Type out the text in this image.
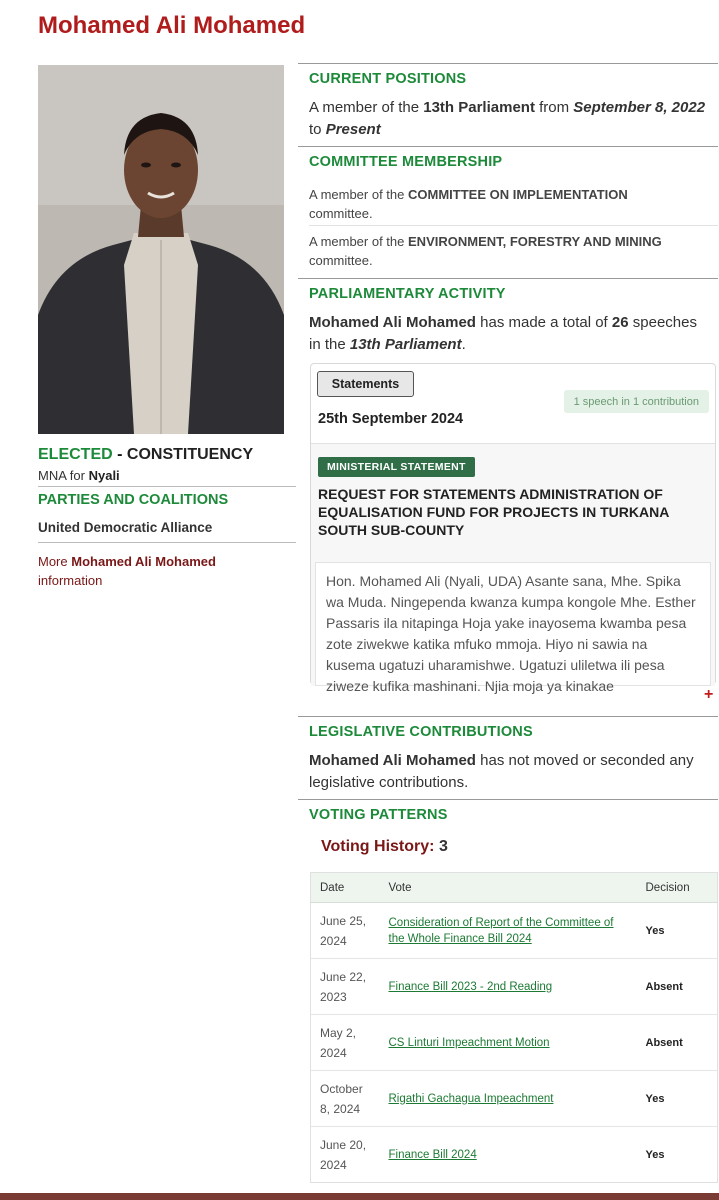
Mohamed Ali Mohamed
ELECTED - CONSTITUENCY
MNA for Nyali
PARTIES AND COALITIONS
United Democratic Alliance
More Mohamed Ali Mohamed
information
CURRENT POSITIONS
A member of the 13th Parliament from September 8, 2022 to Present
COMMITTEE MEMBERSHIP
A member of the COMMITTEE ON IMPLEMENTATION
committee.
A member of the ENVIRONMENT, FORESTRY AND MINING
committee.
PARLIAMENTARY ACTIVITY
Mohamed Ali Mohamed has made a total of 26 speeches in the 13th Parliament.
Statements
1 speech in 1 contribution
25th September 2024
MINISTERIAL STATEMENT
REQUEST FOR STATEMENTS ADMINISTRATION OF EQUALISATION FUND FOR PROJECTS IN TURKANA SOUTH SUB-COUNTY
Hon. Mohamed Ali (Nyali, UDA) Asante sana, Mhe. Spika wa Muda. Ningependa kwanza kumpa kongole Mhe. Esther Passaris ila nitapinga Hoja yake inayosema kwamba pesa zote ziwekwe katika mfuko mmoja. Hiyo ni sawia na kusema ugatuzi uharamishwe. Ugatuzi uliletwa ili pesa ziweze kufika mashinani. Njia moja ya kinakae	+
LEGISLATIVE CONTRIBUTIONS
Mohamed Ali Mohamed has not moved or seconded any legislative contributions.
VOTING PATTERNS
Voting History: 3
Date	Vote	Decision
June 25, 2024	Consideration of Report of the Committee of the Whole Finance Bill 2024	Yes
June 22, 2023	Finance Bill 2023 - 2nd Reading	Absent
May 2, 2024	CS Linturi Impeachment Motion	Absent
October 8, 2024	Rigathi Gachagua Impeachment	Yes
June 20, 2024	Finance Bill 2024	Yes
